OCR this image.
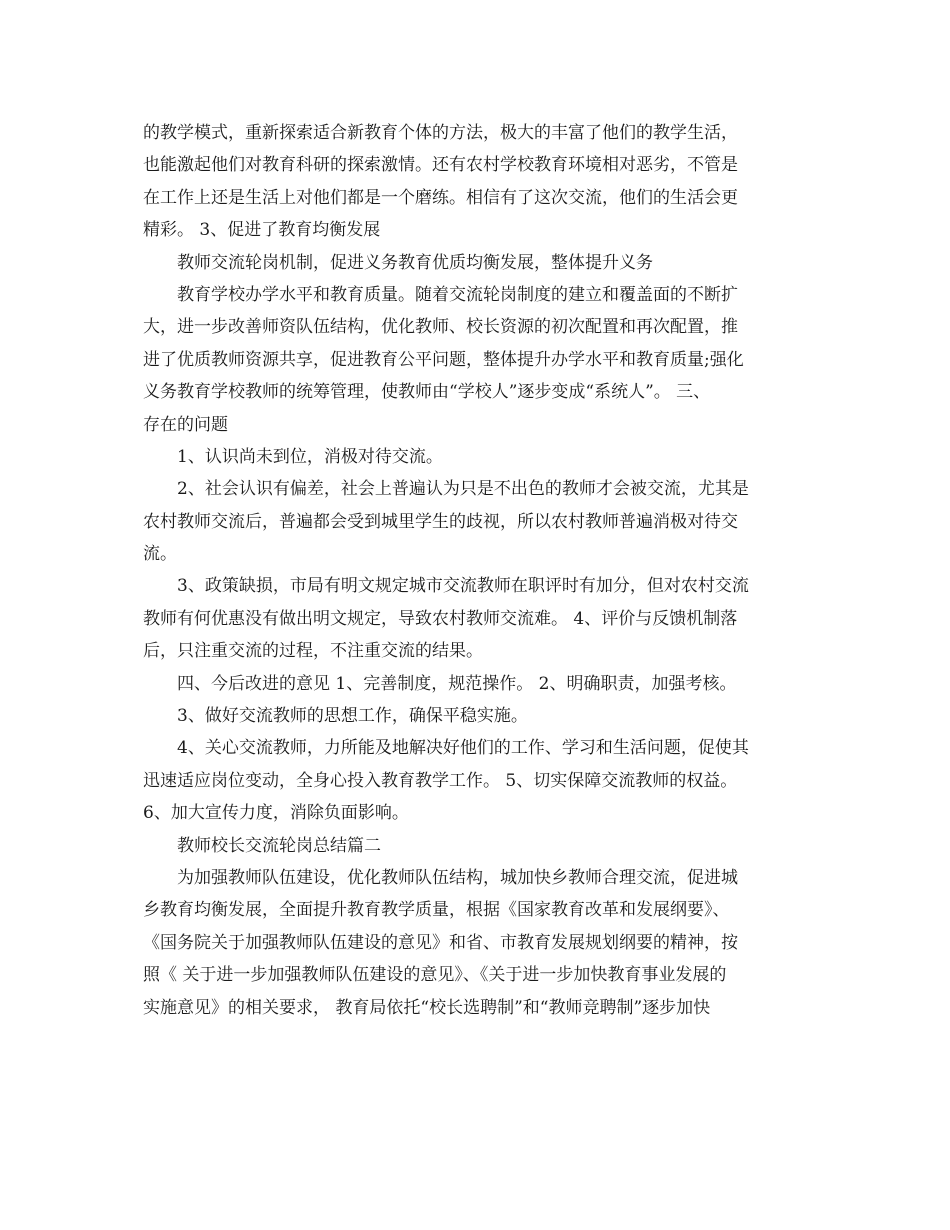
的教学模式，重新探索适合新教育个体的方法，极大的丰富了他们的教学生活，
也能激起他们对教育科研的探索激情。还有农村学校教育环境相对恶劣，不管是
在工作上还是生活上对他们都是一个磨练。相信有了这次交流，他们的生活会更
精彩。 3、促进了教育均衡发展
教师交流轮岗机制，促进义务教育优质均衡发展，整体提升义务
教育学校办学水平和教育质量。随着交流轮岗制度的建立和覆盖面的不断扩
大，进一步改善师资队伍结构，优化教师、校长资源的初次配置和再次配置，推
进了优质教师资源共享，促进教育公平问题，整体提升办学水平和教育质量;强化
义务教育学校教师的统筹管理，使教师由“学校人”逐步变成“系统人”。 三、
存在的问题
1、认识尚未到位，消极对待交流。
2、社会认识有偏差，社会上普遍认为只是不出色的教师才会被交流，尤其是
农村教师交流后，普遍都会受到城里学生的歧视，所以农村教师普遍消极对待交
流。
3、政策缺损，市局有明文规定城市交流教师在职评时有加分，但对农村交流
教师有何优惠没有做出明文规定，导致农村教师交流难。 4、评价与反馈机制落
后，只注重交流的过程，不注重交流的结果。
四、今后改进的意见 1、完善制度，规范操作。 2、明确职责，加强考核。
3、做好交流教师的思想工作，确保平稳实施。
4、关心交流教师，力所能及地解决好他们的工作、学习和生活问题，促使其
迅速适应岗位变动，全身心投入教育教学工作。 5、切实保障交流教师的权益。
6、加大宣传力度，消除负面影响。
教师校长交流轮岗总结篇二
为加强教师队伍建设，优化教师队伍结构，城加快乡教师合理交流，促进城
乡教育均衡发展，全面提升教育教学质量，根据《国家教育改革和发展纲要》、
《国务院关于加强教师队伍建设的意见》和省、市教育发展规划纲要的精神，按
照《 关于进一步加强教师队伍建设的意见》、《关于进一步加快教育事业发展的
实施意见》的相关要求， 教育局依托“校长选聘制”和“教师竞聘制”逐步加快
